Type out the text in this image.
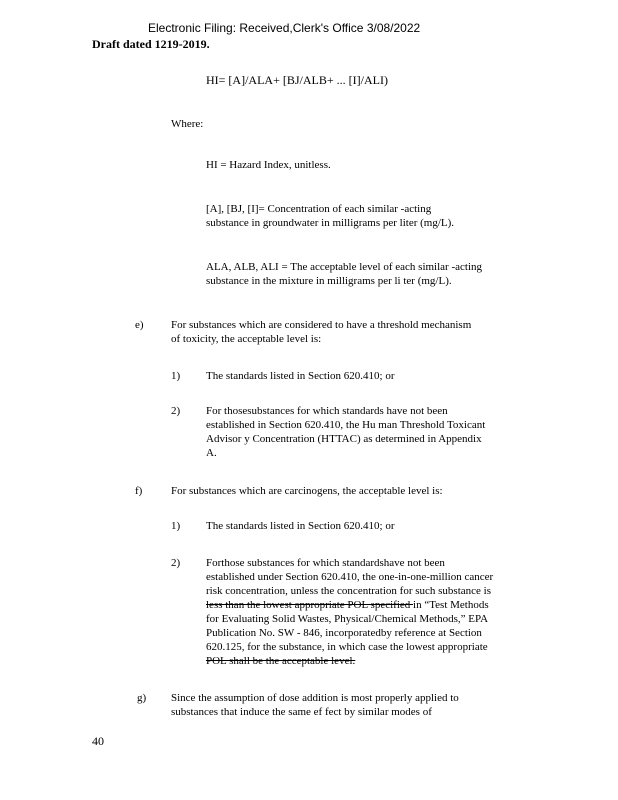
Electronic Filing: Received,Clerk's Office 3/08/2022
Draft dated 1219-2019.
HI= [A]/ALA+ [BJ/ALB+ ... [I]/ALI)
Where:
HI = Hazard Index, unitless.
[A], [BJ, [I]= Concentration of each similar -acting
substance in groundwater in milligrams per liter (mg/L).
ALA, ALB, ALI = The acceptable level of each similar -acting
substance in the mixture in milligrams per li ter (mg/L).
e) For substances which are considered to have a threshold mechanism
of toxicity, the acceptable level is:
1) The standards listed in Section 620.410; or
2) For thosesubstances for which standards have not been
established in Section 620.410, the Hu man Threshold Toxicant
Advisor y Concentration (HTTAC) as determined in Appendix
A.
f)	For substances which are carcinogens, the acceptable level is:
1) The standards listed in Section 620.410; or
2) Forthose substances for which standardshave not been
established under Section 620.410, the one-in-one-million cancer
risk concentration, unless the concentration for such substance is
less than the lowest appropriate POL specified in “Test Methods
for Evaluating Solid Wastes, Physical/Chemical Methods,” EPA
Publication No. SW - 846, incorporatedby reference at Section
620.125, for the substance, in which case the lowest appropriate
POL shall be the acceptable level.
g) Since the assumption of dose addition is most properly applied to
substances that induce the same ef fect by similar modes of
40
